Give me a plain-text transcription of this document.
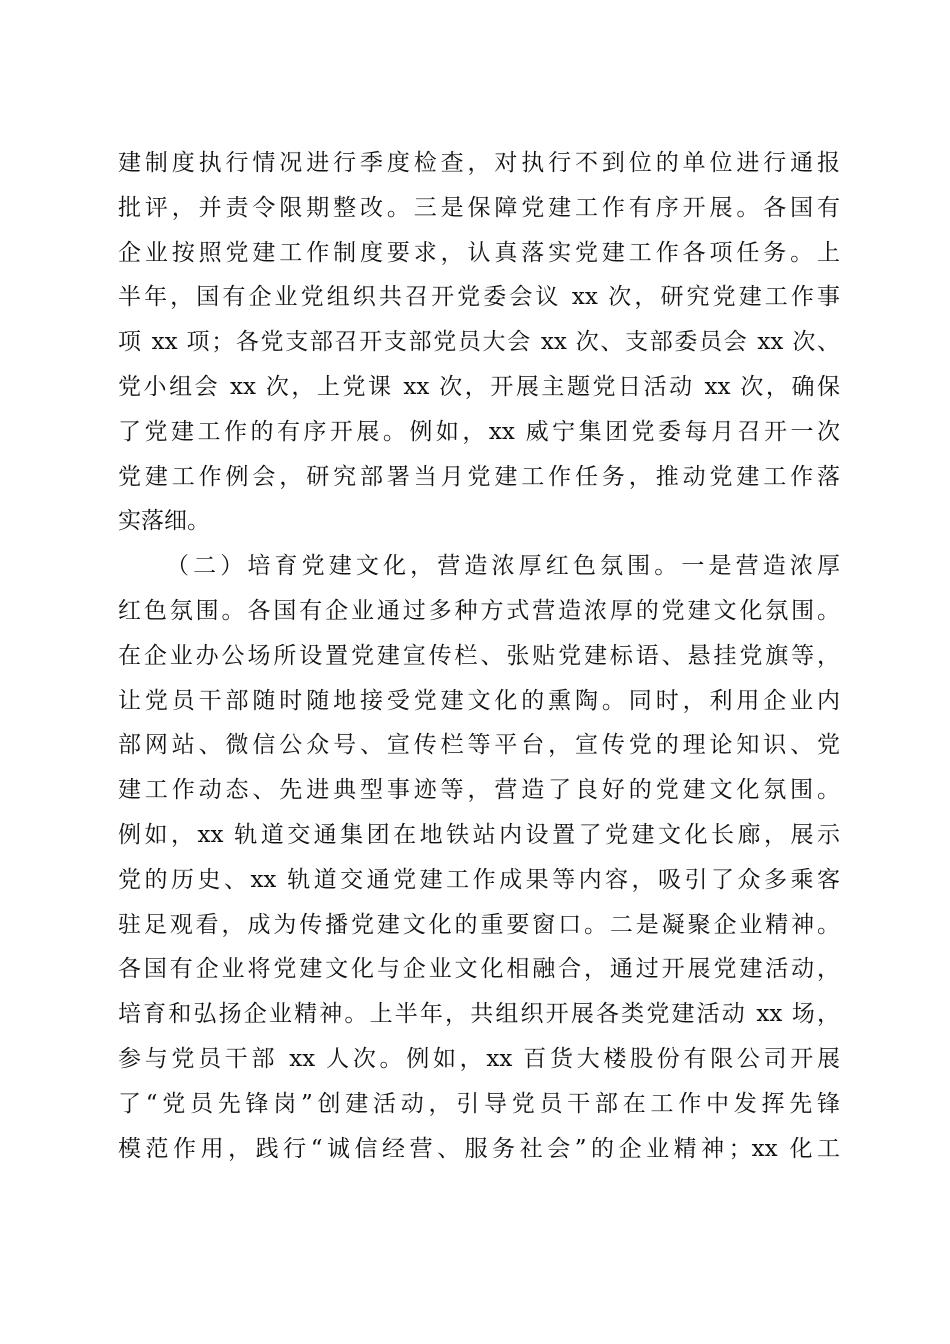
建制度执行情况进行季度检查，对执行不到位的单位进行通报
批评，并责令限期整改。三是保障党建工作有序开展。各国有
企业按照党建工作制度要求，认真落实党建工作各项任务。上
半年，国有企业党组织共召开党委会议 xx 次，研究党建工作事
项 xx 项；各党支部召开支部党员大会 xx 次、支部委员会 xx 次、
党小组会 xx 次，上党课 xx 次，开展主题党日活动 xx 次，确保
了党建工作的有序开展。例如，xx 威宁集团党委每月召开一次
党建工作例会，研究部署当月党建工作任务，推动党建工作落
实落细。
（二）培育党建文化，营造浓厚红色氛围。一是营造浓厚
红色氛围。各国有企业通过多种方式营造浓厚的党建文化氛围。
在企业办公场所设置党建宣传栏、张贴党建标语、悬挂党旗等，
让党员干部随时随地接受党建文化的熏陶。同时，利用企业内
部网站、微信公众号、宣传栏等平台，宣传党的理论知识、党
建工作动态、先进典型事迹等，营造了良好的党建文化氛围。
例如，xx 轨道交通集团在地铁站内设置了党建文化长廊，展示
党的历史、xx 轨道交通党建工作成果等内容，吸引了众多乘客
驻足观看，成为传播党建文化的重要窗口。二是凝聚企业精神。
各国有企业将党建文化与企业文化相融合，通过开展党建活动，
培育和弘扬企业精神。上半年，共组织开展各类党建活动 xx 场，
参与党员干部 xx 人次。例如，xx 百货大楼股份有限公司开展
了“党员先锋岗”创建活动，引导党员干部在工作中发挥先锋
模范作用，践行“诚信经营、服务社会”的企业精神；xx 化工
